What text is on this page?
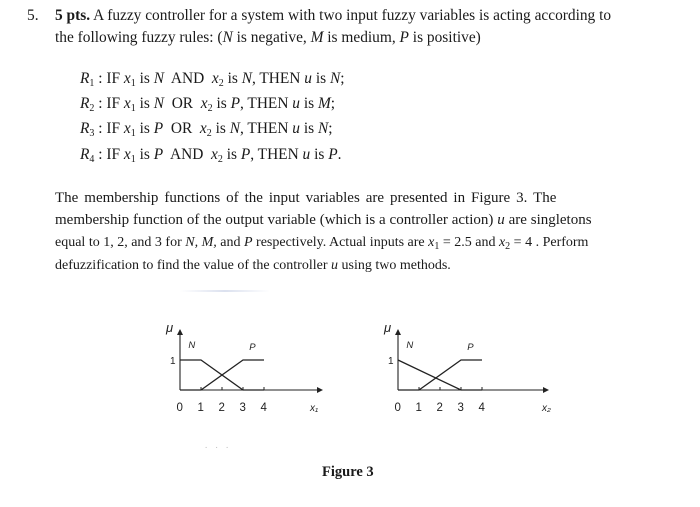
5. 5 pts. A fuzzy controller for a system with two input fuzzy variables is acting according to
the following fuzzy rules: (N is negative, M is medium, P is positive)
$R_1$ : IF $x_1$ is N  AND  $x_2$ is N, THEN u is N;
$R_2$ : IF $x_1$ is N  OR  $x_2$ is P, THEN u is M;
$R_3$ : IF $x_1$ is P  OR  $x_2$ is N, THEN u is N;
$R_4$ : IF $x_1$ is P  AND  $x_2$ is P, THEN u is P.
The membership functions of the input variables are presented in Figure 3. The
membership function of the output variable (which is a controller action) u are singletons
equal to 1, 2, and 3 for N, M, and P respectively. Actual inputs are $x_1 = 2.5$ and $x_2 = 4$ . Perform
defuzzification to find the value of the controller u using two methods.
. . .
μ
1
0 1 2 3 4	x₁
N	P
μ
1
0 1 2 3 4	x₂
N	P
Figure 3
